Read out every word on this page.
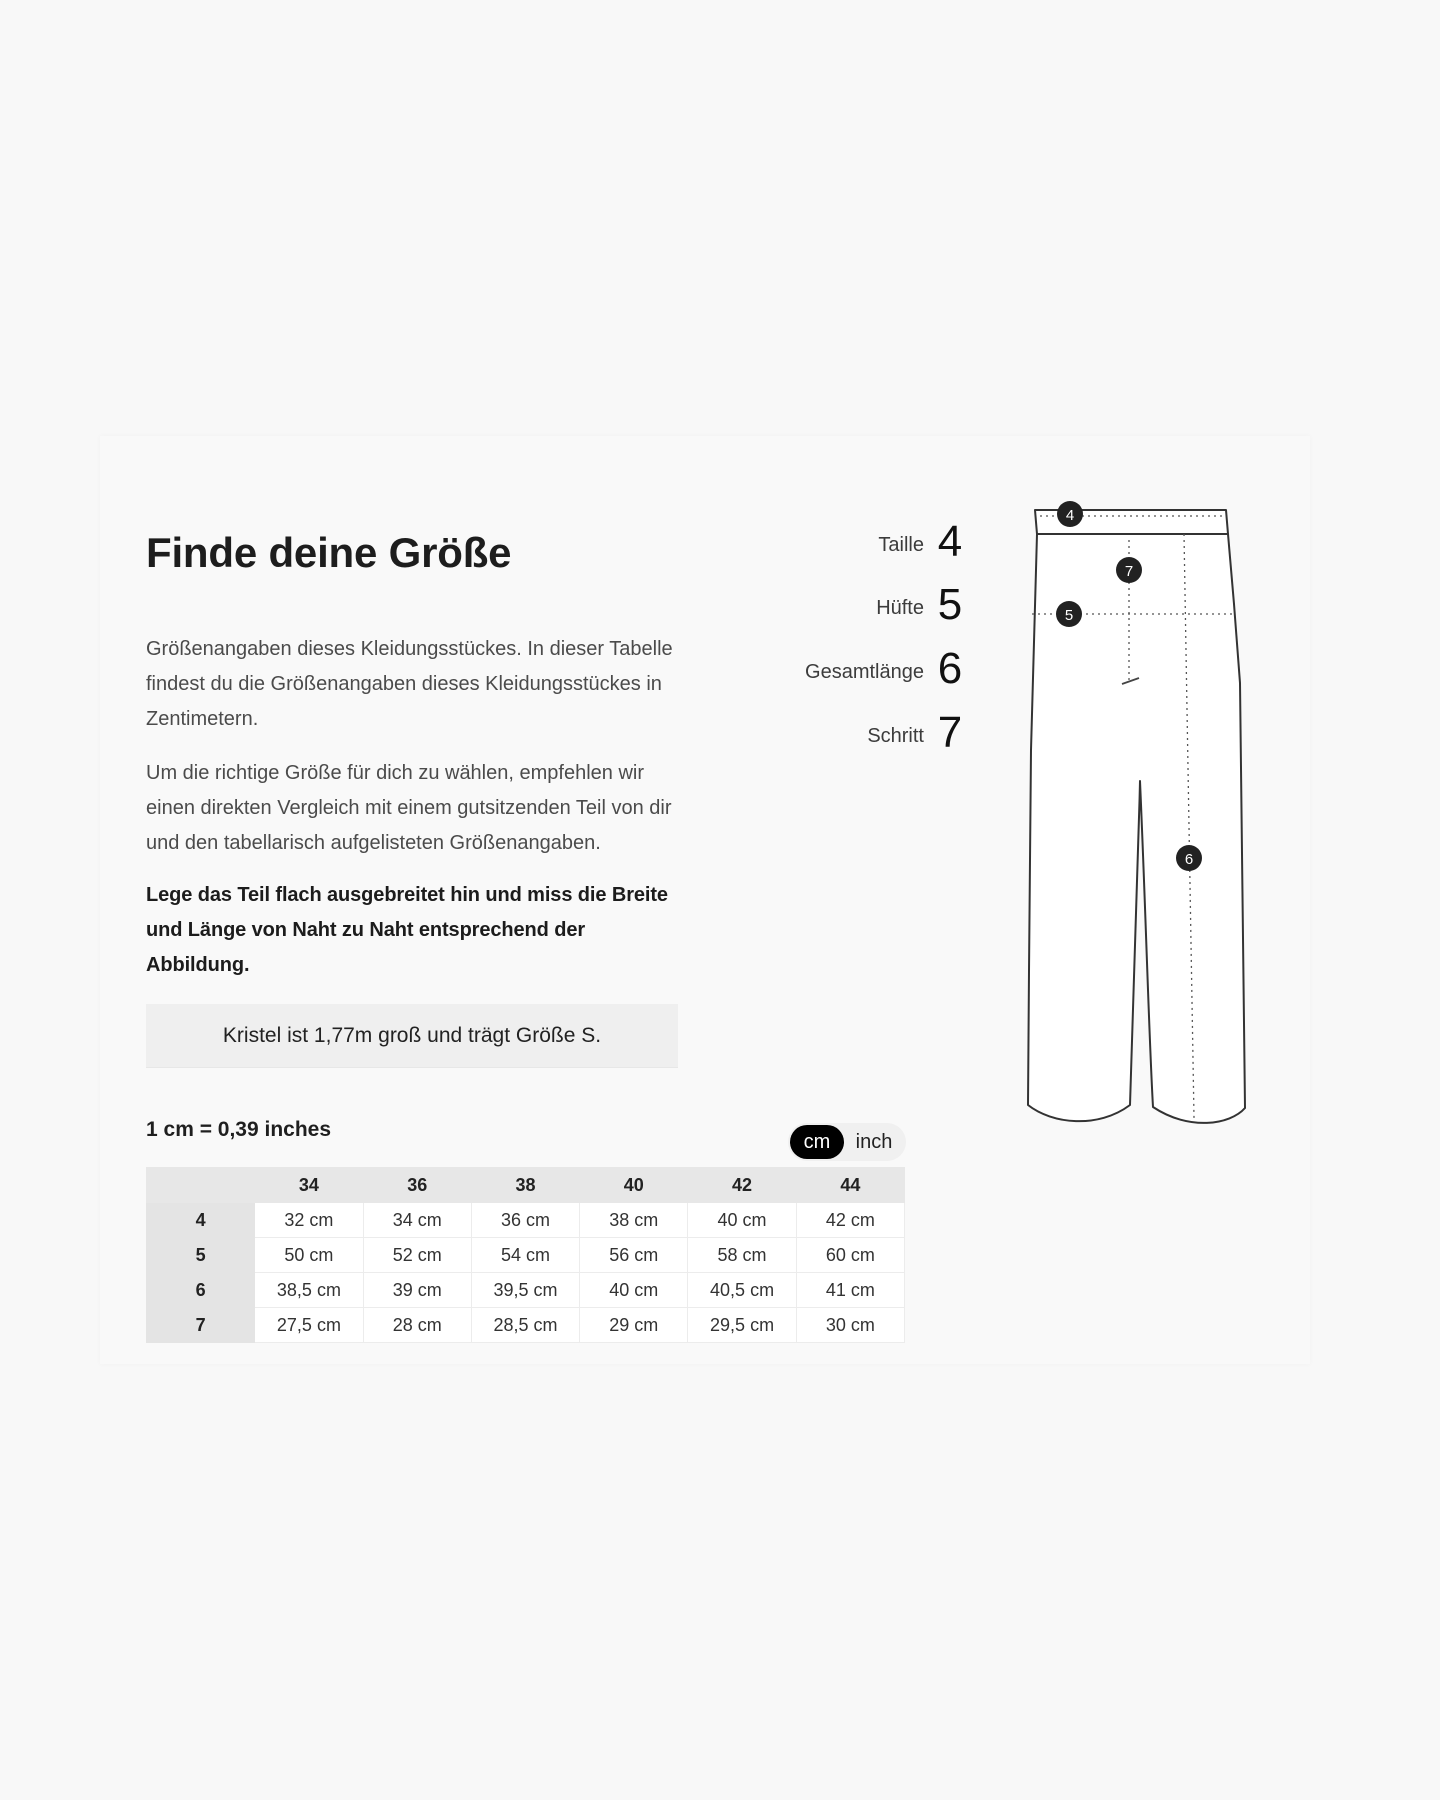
Finde deine Größe

Größenangaben dieses Kleidungsstückes. In dieser Tabelle findest du die Größenangaben dieses Kleidungsstückes in Zentimetern.

Um die richtige Größe für dich zu wählen, empfehlen wir einen direkten Vergleich mit einem gutsitzenden Teil von dir und den tabellarisch aufgelisteten Größenangaben.

Lege das Teil flach ausgebreitet hin und miss die Breite und Länge von Naht zu Naht entsprechend der Abbildung.

Kristel ist 1,77m groß und trägt Größe S.
1 cm = 0,39 inches
cm	inch
	34	36	38	40	42	44
4	32 cm	34 cm	36 cm	38 cm	40 cm	42 cm
5	50 cm	52 cm	54 cm	56 cm	58 cm	60 cm
6	38,5 cm	39 cm	39,5 cm	40 cm	40,5 cm	41 cm
7	27,5 cm	28 cm	28,5 cm	29 cm	29,5 cm	30 cm
Taille 4
Hüfte 5
Gesamtlänge 6
Schritt 7
4
7
5
6
